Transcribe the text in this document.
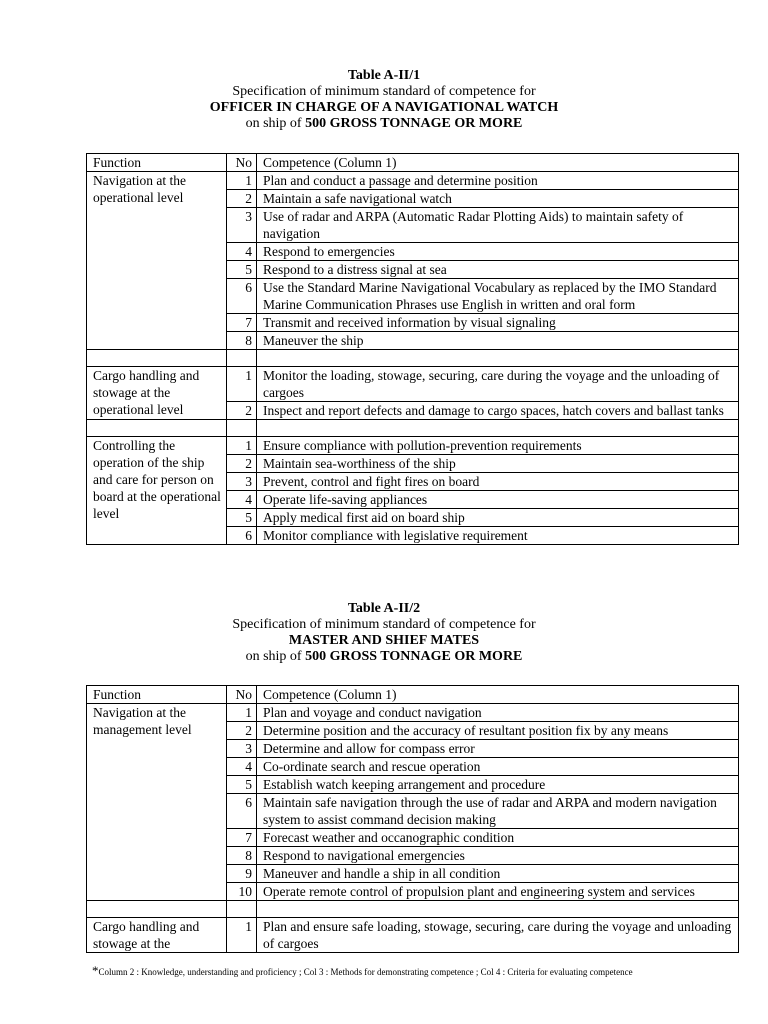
Table A-II/1
Specification of minimum standard of competence for
OFFICER IN CHARGE OF A NAVIGATIONAL WATCH
on ship of 500 GROSS TONNAGE OR MORE
Function	No	Competence (Column 1)
Navigation at the operational level	1	Plan and conduct a passage and determine position
	2	Maintain a safe navigational watch
	3	Use of radar and ARPA (Automatic Radar Plotting Aids) to maintain safety of navigation
	4	Respond to emergencies
	5	Respond to a distress signal at sea
	6	Use the Standard Marine Navigational Vocabulary as replaced by the IMO Standard Marine Communication Phrases use English in written and oral form
	7	Transmit and received information by visual signaling
	8	Maneuver the ship

Cargo handling and stowage at the operational level	1	Monitor the loading, stowage, securing, care during the voyage and the unloading of cargoes
	2	Inspect and report defects and damage to cargo spaces, hatch covers and ballast tanks

Controlling the operation of the ship and care for person on board at the operational level	1	Ensure compliance with pollution-prevention requirements
	2	Maintain sea-worthiness of the ship
	3	Prevent, control and fight fires on board
	4	Operate life-saving appliances
	5	Apply medical first aid on board ship
	6	Monitor compliance with legislative requirement
Table A-II/2
Specification of minimum standard of competence for
MASTER AND SHIEF MATES
on ship of 500 GROSS TONNAGE OR MORE
Function	No	Competence (Column 1)
Navigation at the management level	1	Plan and voyage and conduct navigation
	2	Determine position and the accuracy of resultant position fix by any means
	3	Determine and allow for compass error
	4	Co-ordinate search and rescue operation
	5	Establish watch keeping arrangement and procedure
	6	Maintain safe navigation through the use of radar and ARPA and modern navigation system to assist command decision making
	7	Forecast weather and occanographic condition
	8	Respond to navigational emergencies
	9	Maneuver and handle a ship in all condition
	10	Operate remote control of propulsion plant and engineering system and services

Cargo handling and stowage at the	1	Plan and ensure safe loading, stowage, securing, care during the voyage and unloading of cargoes
*Column 2 : Knowledge, understanding and proficiency ; Col 3 : Methods for demonstrating competence ; Col 4 : Criteria for evaluating competence
